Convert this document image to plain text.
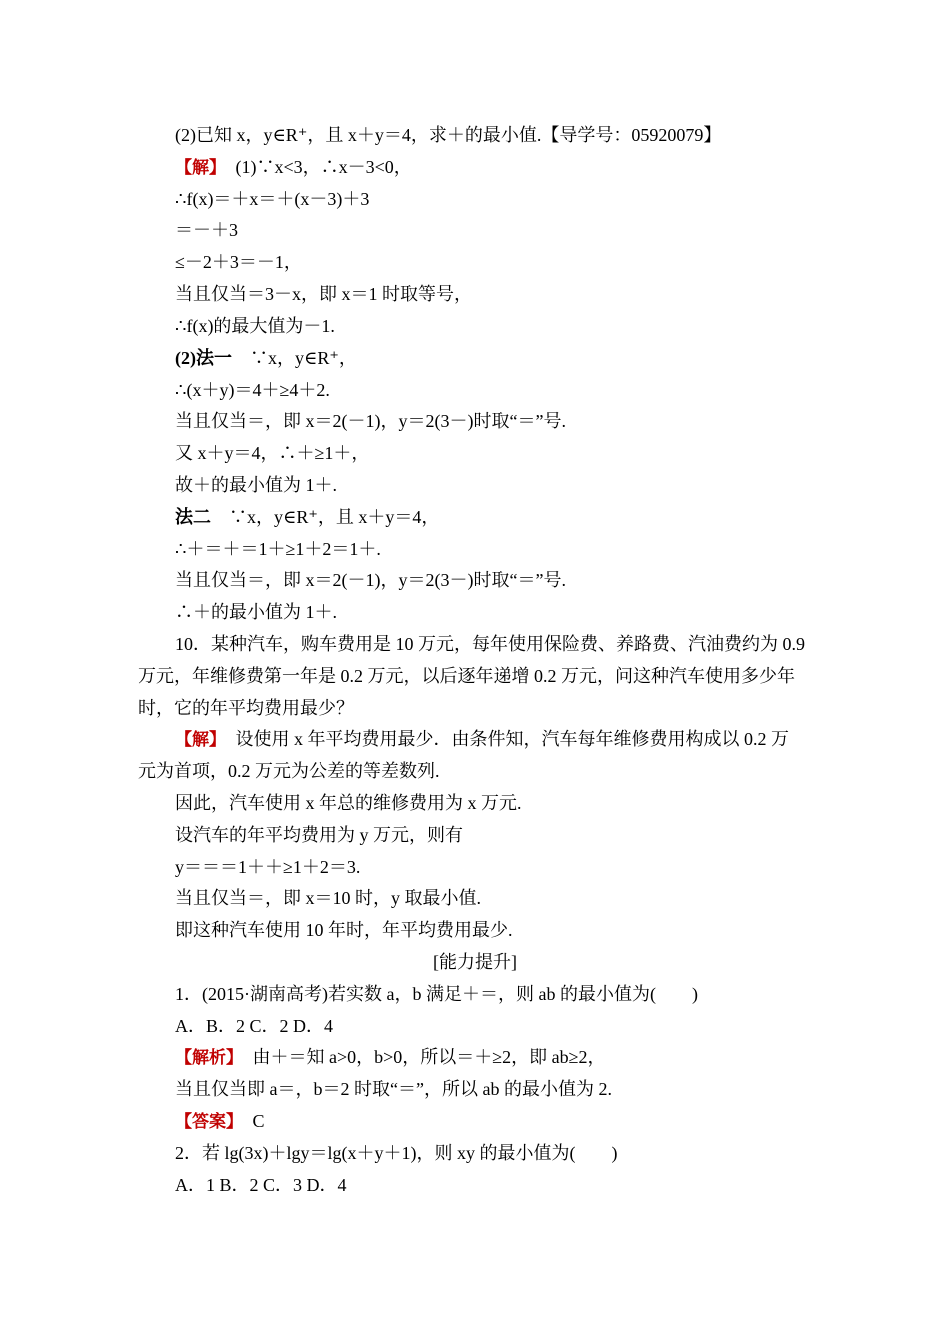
(2)已知 x，y∈R⁺，且 x＋y＝4，求＋的最小值.【导学号：05920079】
【解】　(1)∵x<3，∴x－3<0，
∴f(x)＝＋x＝＋(x－3)＋3
＝－＋3
≤－2＋3＝－1，
当且仅当＝3－x，即 x＝1 时取等号，
∴f(x)的最大值为－1.
(2)法一　∵x，y∈R⁺，
∴(x＋y)＝4＋≥4＋2.
当且仅当＝，即 x＝2(－1)，y＝2(3－)时取“＝”号.
又 x＋y＝4，∴＋≥1＋，
故＋的最小值为 1＋.
法二　∵x，y∈R⁺，且 x＋y＝4，
∴＋＝＋＝1＋≥1＋2＝1＋.
当且仅当＝，即 x＝2(－1)，y＝2(3－)时取“＝”号.
∴＋的最小值为 1＋.
10．某种汽车，购车费用是 10 万元，每年使用保险费、养路费、汽油费约为 0.9
万元，年维修费第一年是 0.2 万元，以后逐年递增 0.2 万元，问这种汽车使用多少年
时，它的年平均费用最少？
【解】　设使用 x 年平均费用最少．由条件知，汽车每年维修费用构成以 0.2 万
元为首项，0.2 万元为公差的等差数列.
因此，汽车使用 x 年总的维修费用为 x 万元.
设汽车的年平均费用为 y 万元，则有
y＝＝＝1＋＋≥1＋2＝3.
当且仅当＝，即 x＝10 时，y 取最小值.
即这种汽车使用 10 年时，年平均费用最少.
[能力提升]
1．(2015·湖南高考)若实数 a，b 满足＋＝，则 ab 的最小值为(　　)
A．B．2 C．2 D．4
【解析】　由＋＝知 a>0，b>0，所以＝＋≥2，即 ab≥2，
当且仅当即 a＝，b＝2 时取“＝”，所以 ab 的最小值为 2.
【答案】　C
2．若 lg(3x)＋lgy＝lg(x＋y＋1)，则 xy 的最小值为(　　)
A．1 B．2 C．3 D．4
